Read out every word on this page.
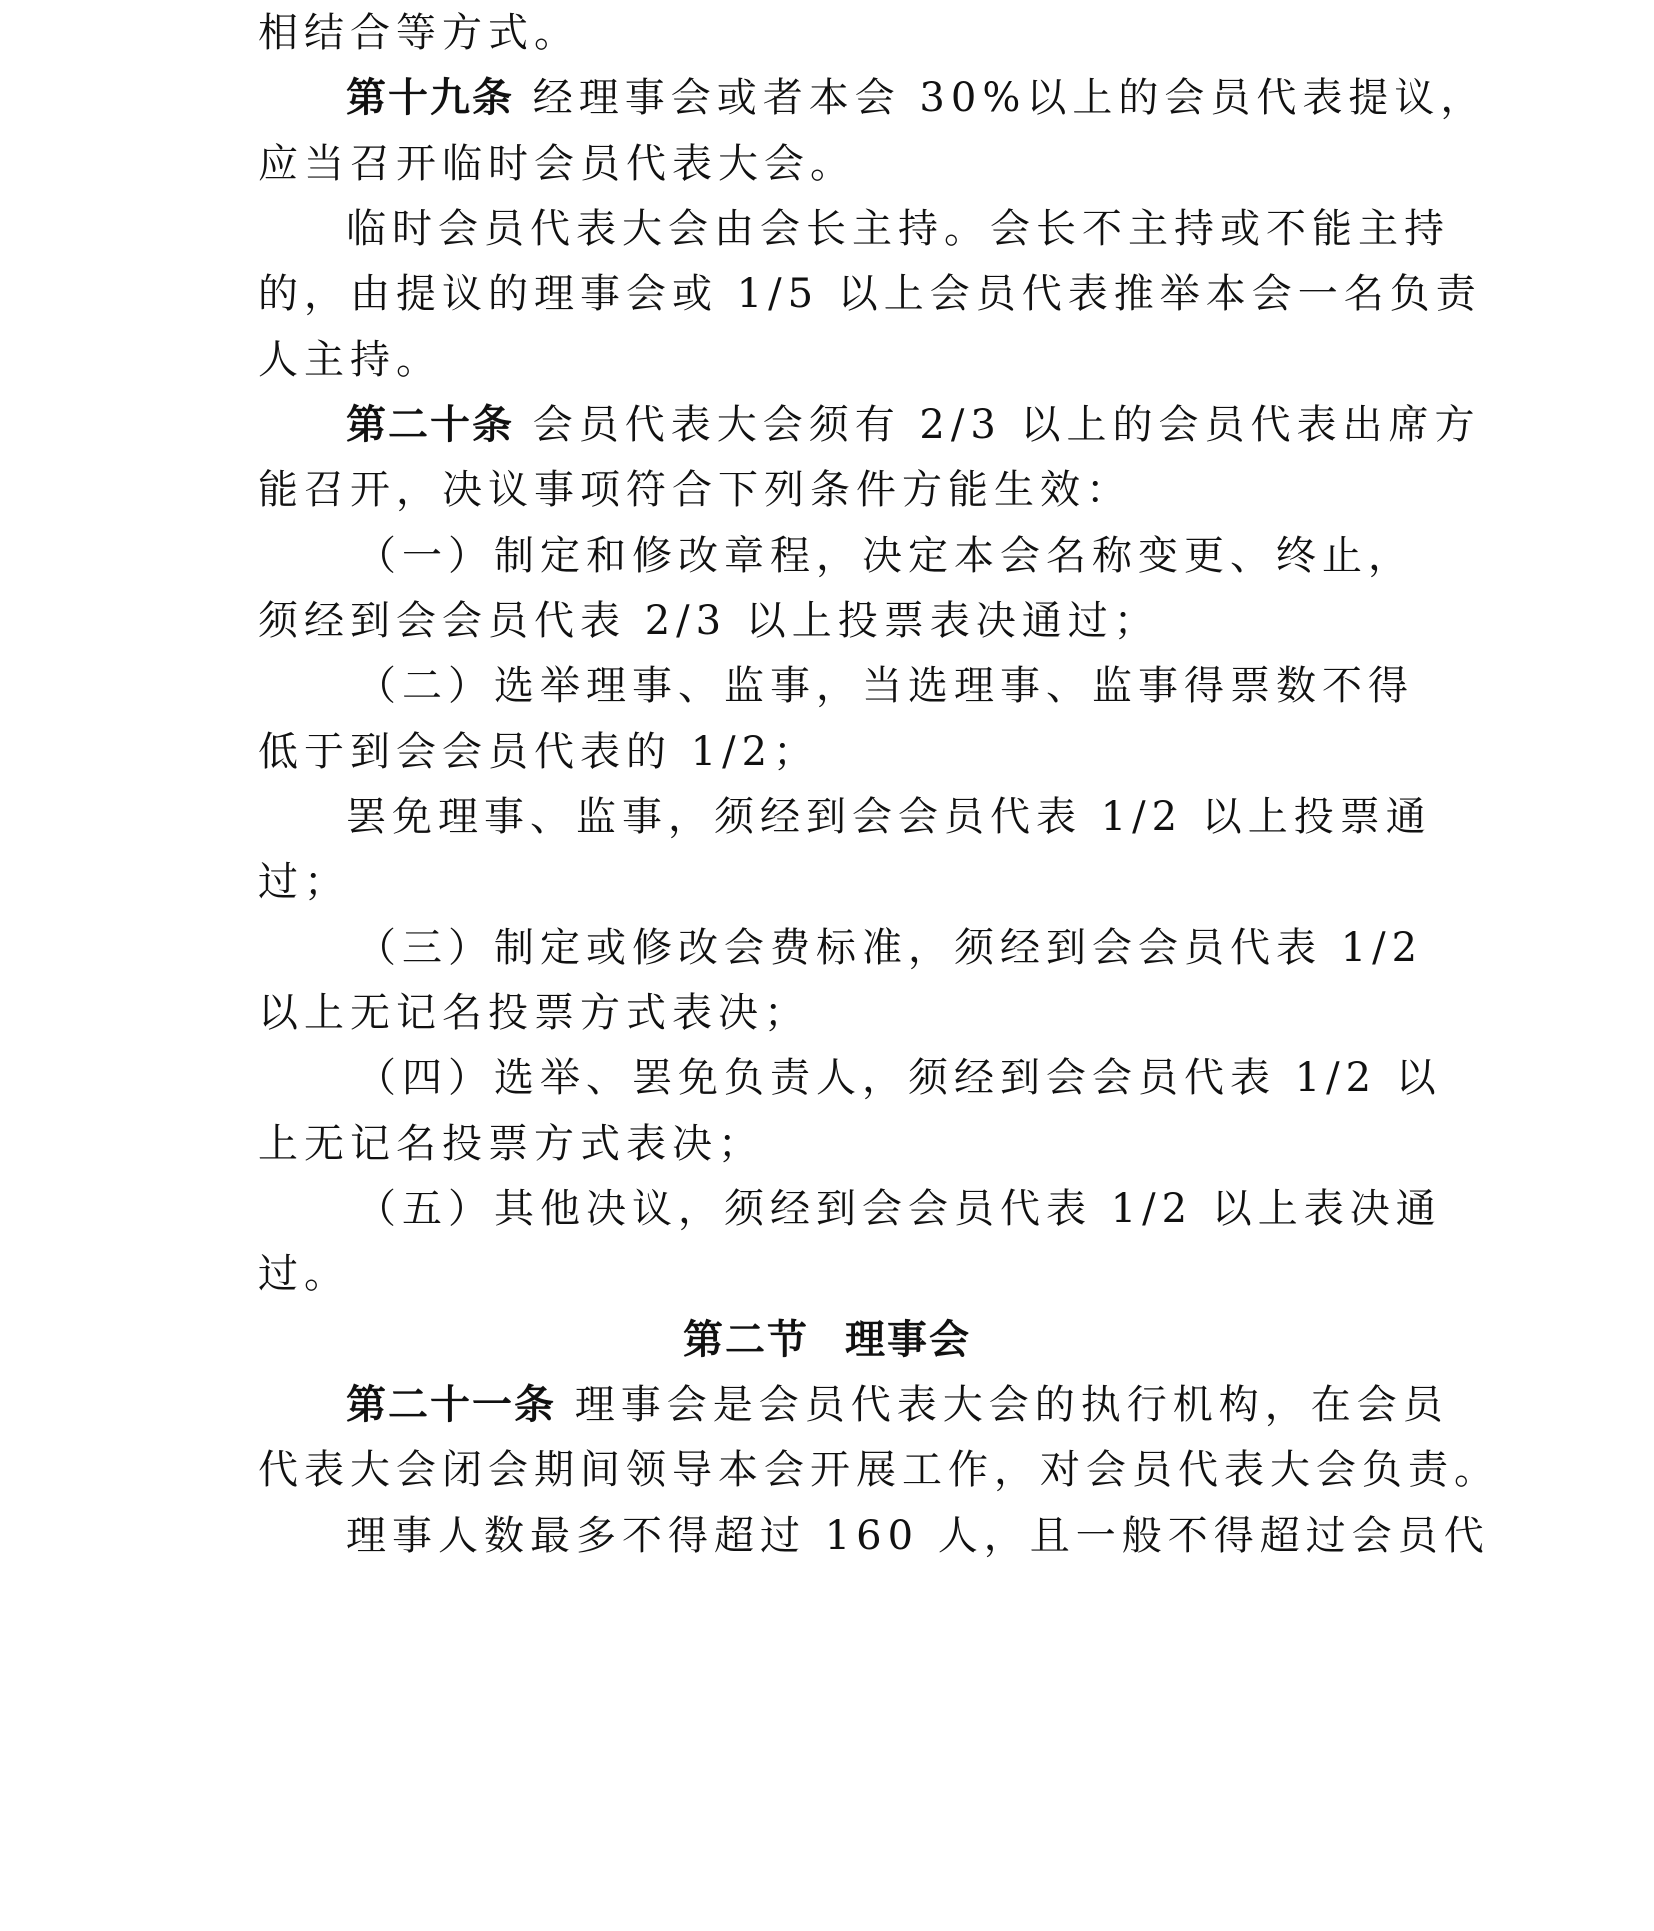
相结合等方式。

第十九条 经理事会或者本会 30%以上的会员代表提议，

应当召开临时会员代表大会。

临时会员代表大会由会长主持。会长不主持或不能主持

的，由提议的理事会或 1/5 以上会员代表推举本会一名负责

人主持。

第二十条 会员代表大会须有 2/3 以上的会员代表出席方

能召开，决议事项符合下列条件方能生效：

（一）制定和修改章程，决定本会名称变更、终止，

须经到会会员代表 2/3 以上投票表决通过；

（二）选举理事、监事，当选理事、监事得票数不得

低于到会会员代表的 1/2；

罢免理事、监事，须经到会会员代表 1/2 以上投票通

过；

（三）制定或修改会费标准，须经到会会员代表 1/2

以上无记名投票方式表决；

（四）选举、罢免负责人，须经到会会员代表 1/2 以

上无记名投票方式表决；

（五）其他决议，须经到会会员代表 1/2 以上表决通

过。

第二节 理事会

第二十一条 理事会是会员代表大会的执行机构，在会员

代表大会闭会期间领导本会开展工作，对会员代表大会负责。

理事人数最多不得超过 160 人，且一般不得超过会员代
